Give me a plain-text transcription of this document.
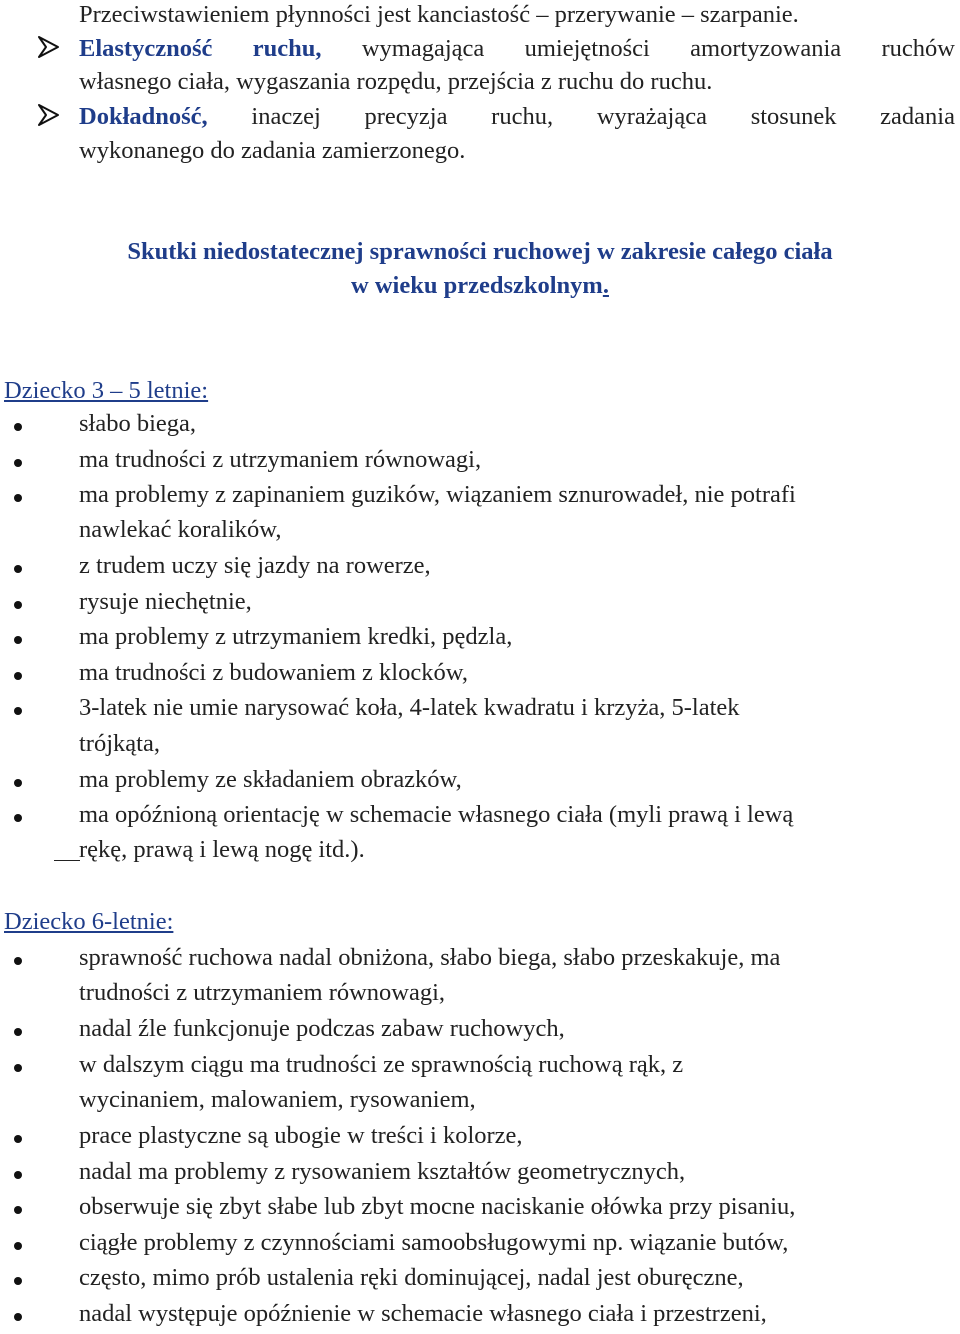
Przeciwstawieniem płynności jest kanciastość – przerywanie – szarpanie.
Elastyczność ruchu, wymagająca umiejętności amortyzowania ruchów
własnego ciała, wygaszania rozpędu, przejścia z ruchu do ruchu.
Dokładność, inaczej precyzja ruchu, wyrażająca stosunek zadania
wykonanego do zadania zamierzonego.
Skutki niedostatecznej sprawności ruchowej w zakresie całego ciała
w wieku przedszkolnym.
Dziecko 3 – 5 letnie:
słabo biega,
ma trudności z utrzymaniem równowagi,
ma problemy z zapinaniem guzików, wiązaniem sznurowadeł, nie potrafi
nawlekać koralików,
z trudem uczy się jazdy na rowerze,
rysuje niechętnie,
ma problemy z utrzymaniem kredki, pędzla,
ma trudności z budowaniem z klocków,
3-latek nie umie narysować koła, 4-latek kwadratu i krzyża, 5-latek
trójkąta,
ma problemy ze składaniem obrazków,
ma opóźnioną orientację w schemacie własnego ciała (myli prawą i lewą
rękę, prawą i lewą nogę itd.).
Dziecko 6-letnie:
sprawność ruchowa nadal obniżona, słabo biega, słabo przeskakuje, ma
trudności z utrzymaniem równowagi,
nadal źle funkcjonuje podczas zabaw ruchowych,
w dalszym ciągu ma trudności ze sprawnością ruchową rąk, z
wycinaniem, malowaniem, rysowaniem,
prace plastyczne są ubogie w treści i kolorze,
nadal ma problemy z rysowaniem kształtów geometrycznych,
obserwuje się zbyt słabe lub zbyt mocne naciskanie ołówka przy pisaniu,
ciągłe problemy z czynnościami samoobsługowymi np. wiązanie butów,
często, mimo prób ustalenia ręki dominującej, nadal jest oburęczne,
nadal występuje opóźnienie w schemacie własnego ciała i przestrzeni,
